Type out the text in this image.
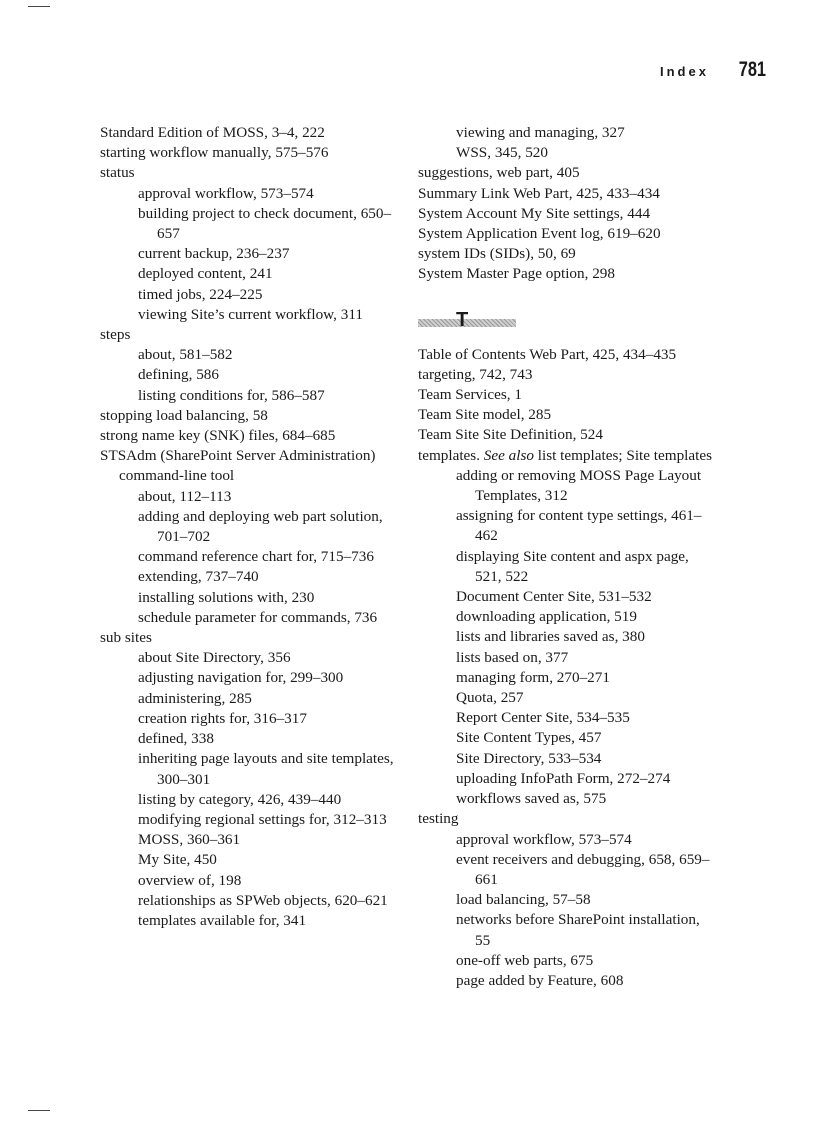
Index 781
Standard Edition of MOSS, 3–4, 222
starting workflow manually, 575–576
status
approval workflow, 573–574
building project to check document, 650–657
current backup, 236–237
deployed content, 241
timed jobs, 224–225
viewing Site’s current workflow, 311
steps
about, 581–582
defining, 586
listing conditions for, 586–587
stopping load balancing, 58
strong name key (SNK) files, 684–685
STSAdm (SharePoint Server Administration) command-line tool
about, 112–113
adding and deploying web part solution, 701–702
command reference chart for, 715–736
extending, 737–740
installing solutions with, 230
schedule parameter for commands, 736
sub sites
about Site Directory, 356
adjusting navigation for, 299–300
administering, 285
creation rights for, 316–317
defined, 338
inheriting page layouts and site templates, 300–301
listing by category, 426, 439–440
modifying regional settings for, 312–313
MOSS, 360–361
My Site, 450
overview of, 198
relationships as SPWeb objects, 620–621
templates available for, 341
viewing and managing, 327
WSS, 345, 520
suggestions, web part, 405
Summary Link Web Part, 425, 433–434
System Account My Site settings, 444
System Application Event log, 619–620
system IDs (SIDs), 50, 69
System Master Page option, 298
T
Table of Contents Web Part, 425, 434–435
targeting, 742, 743
Team Services, 1
Team Site model, 285
Team Site Site Definition, 524
templates. See also list templates; Site templates
adding or removing MOSS Page Layout Templates, 312
assigning for content type settings, 461–462
displaying Site content and aspx page, 521, 522
Document Center Site, 531–532
downloading application, 519
lists and libraries saved as, 380
lists based on, 377
managing form, 270–271
Quota, 257
Report Center Site, 534–535
Site Content Types, 457
Site Directory, 533–534
uploading InfoPath Form, 272–274
workflows saved as, 575
testing
approval workflow, 573–574
event receivers and debugging, 658, 659–661
load balancing, 57–58
networks before SharePoint installation, 55
one-off web parts, 675
page added by Feature, 608
